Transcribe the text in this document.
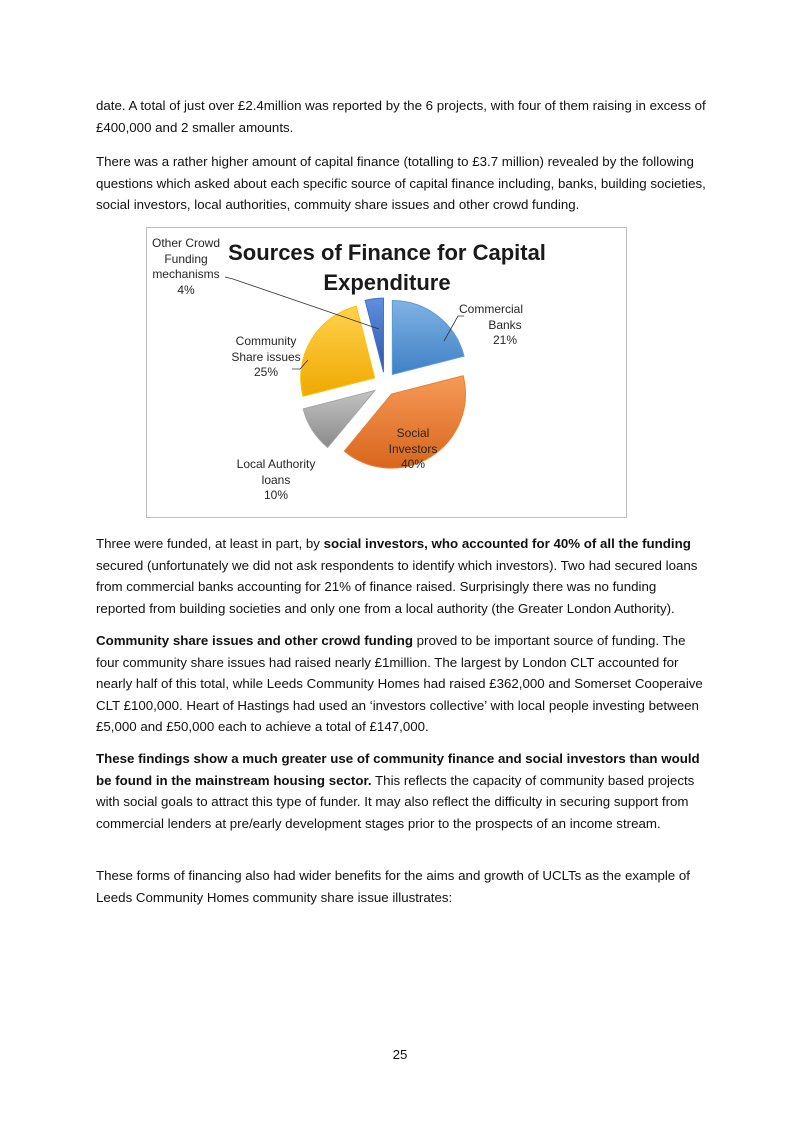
date. A total of just over £2.4million was reported by the 6 projects, with four of them raising in excess of £400,000 and 2 smaller amounts.

There was a rather higher amount of capital finance (totalling to £3.7 million) revealed by the following questions which asked about each specific source of capital finance including, banks, building societies, social investors, local authorities, commuity share issues and other crowd funding.

Sources of Finance for Capital Expenditure
Other Crowd
Funding
mechanisms
4%
Commercial
Banks
21%
Community
Share issues
25%
Social
Investors
40%
Local Authority
loans
10%

Three were funded, at least in part, by social investors, who accounted for 40% of all the funding secured (unfortunately we did not ask respondents to identify which investors). Two had secured loans from commercial banks accounting for 21% of finance raised. Surprisingly there was no funding reported from building societies and only one from a local authority (the Greater London Authority).

Community share issues and other crowd funding proved to be important source of funding. The four community share issues had raised nearly £1million. The largest by London CLT accounted for nearly half of this total, while Leeds Community Homes had raised £362,000 and Somerset Cooperaive CLT £100,000. Heart of Hastings had used an ‘investors collective’ with local people investing between £5,000 and £50,000 each to achieve a total of £147,000.

These findings show a much greater use of community finance and social investors than would be found in the mainstream housing sector. This reflects the capacity of community based projects with social goals to attract this type of funder. It may also reflect the difficulty in securing support from commercial lenders at pre/early development stages prior to the prospects of an income stream.

These forms of financing also had wider benefits for the aims and growth of UCLTs as the example of Leeds Community Homes community share issue illustrates:

25
